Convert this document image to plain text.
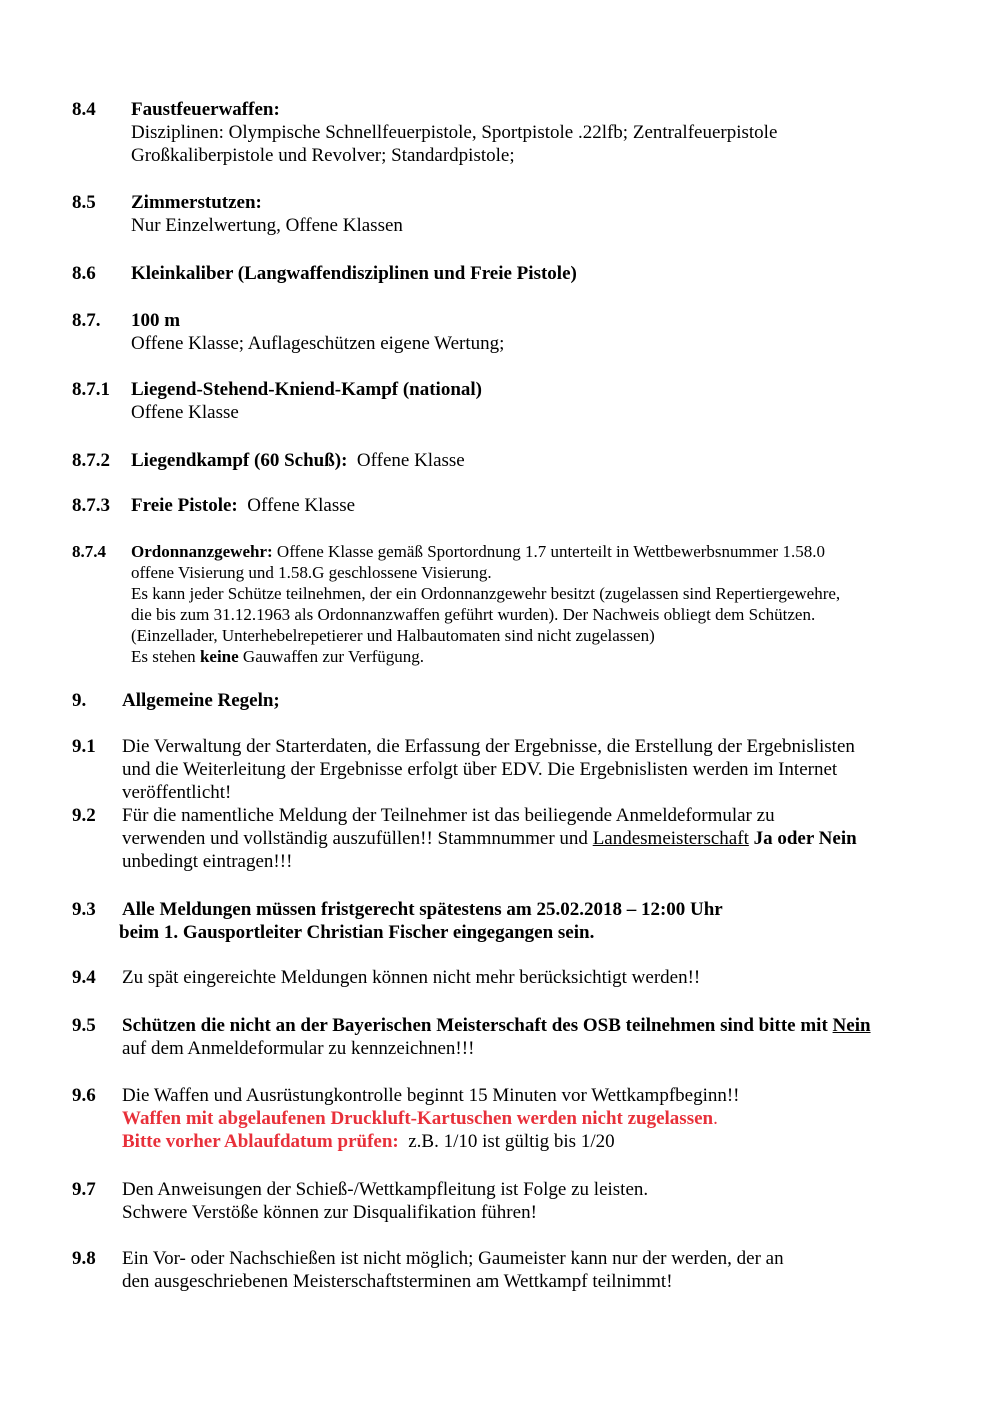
8.4 Faustfeuerwaffen:
Disziplinen: Olympische Schnellfeuerpistole, Sportpistole .22lfb; Zentralfeuerpistole
Großkaliberpistole und Revolver; Standardpistole;
8.5 Zimmerstutzen:
Nur Einzelwertung, Offene Klassen
8.6 Kleinkaliber (Langwaffendisziplinen und Freie Pistole)
8.7. 100 m
Offene Klasse; Auflageschützen eigene Wertung;
8.7.1 Liegend-Stehend-Kniend-Kampf (national)
Offene Klasse
8.7.2 Liegendkampf (60 Schuß): Offene Klasse
8.7.3 Freie Pistole: Offene Klasse
8.7.4 Ordonnanzgewehr: Offene Klasse gemäß Sportordnung 1.7 unterteilt in Wettbewerbsnummer 1.58.0
offene Visierung und 1.58.G geschlossene Visierung.
Es kann jeder Schütze teilnehmen, der ein Ordonnanzgewehr besitzt (zugelassen sind Repertiergewehre,
die bis zum 31.12.1963 als Ordonnanzwaffen geführt wurden). Der Nachweis obliegt dem Schützen.
(Einzellader, Unterhebelrepetierer und Halbautomaten sind nicht zugelassen)
Es stehen keine Gauwaffen zur Verfügung.
9. Allgemeine Regeln;
9.1 Die Verwaltung der Starterdaten, die Erfassung der Ergebnisse, die Erstellung der Ergebnislisten
und die Weiterleitung der Ergebnisse erfolgt über EDV. Die Ergebnislisten werden im Internet
veröffentlicht!
9.2 Für die namentliche Meldung der Teilnehmer ist das beiliegende Anmeldeformular zu
verwenden und vollständig auszufüllen!! Stammnummer und Landesmeisterschaft Ja oder Nein
unbedingt eintragen!!!
9.3 Alle Meldungen müssen fristgerecht spätestens am 25.02.2018 – 12:00 Uhr
beim 1. Gausportleiter Christian Fischer eingegangen sein.
9.4 Zu spät eingereichte Meldungen können nicht mehr berücksichtigt werden!!
9.5 Schützen die nicht an der Bayerischen Meisterschaft des OSB teilnehmen sind bitte mit Nein
auf dem Anmeldeformular zu kennzeichnen!!!
9.6 Die Waffen und Ausrüstungkontrolle beginnt 15 Minuten vor Wettkampfbeginn!!
Waffen mit abgelaufenen Druckluft-Kartuschen werden nicht zugelassen.
Bitte vorher Ablaufdatum prüfen:  z.B. 1/10 ist gültig bis 1/20
9.7 Den Anweisungen der Schieß-/Wettkampfleitung ist Folge zu leisten.
Schwere Verstöße können zur Disqualifikation führen!
9.8 Ein Vor- oder Nachschießen ist nicht möglich; Gaumeister kann nur der werden, der an
den ausgeschriebenen Meisterschaftsterminen am Wettkampf teilnimmt!
